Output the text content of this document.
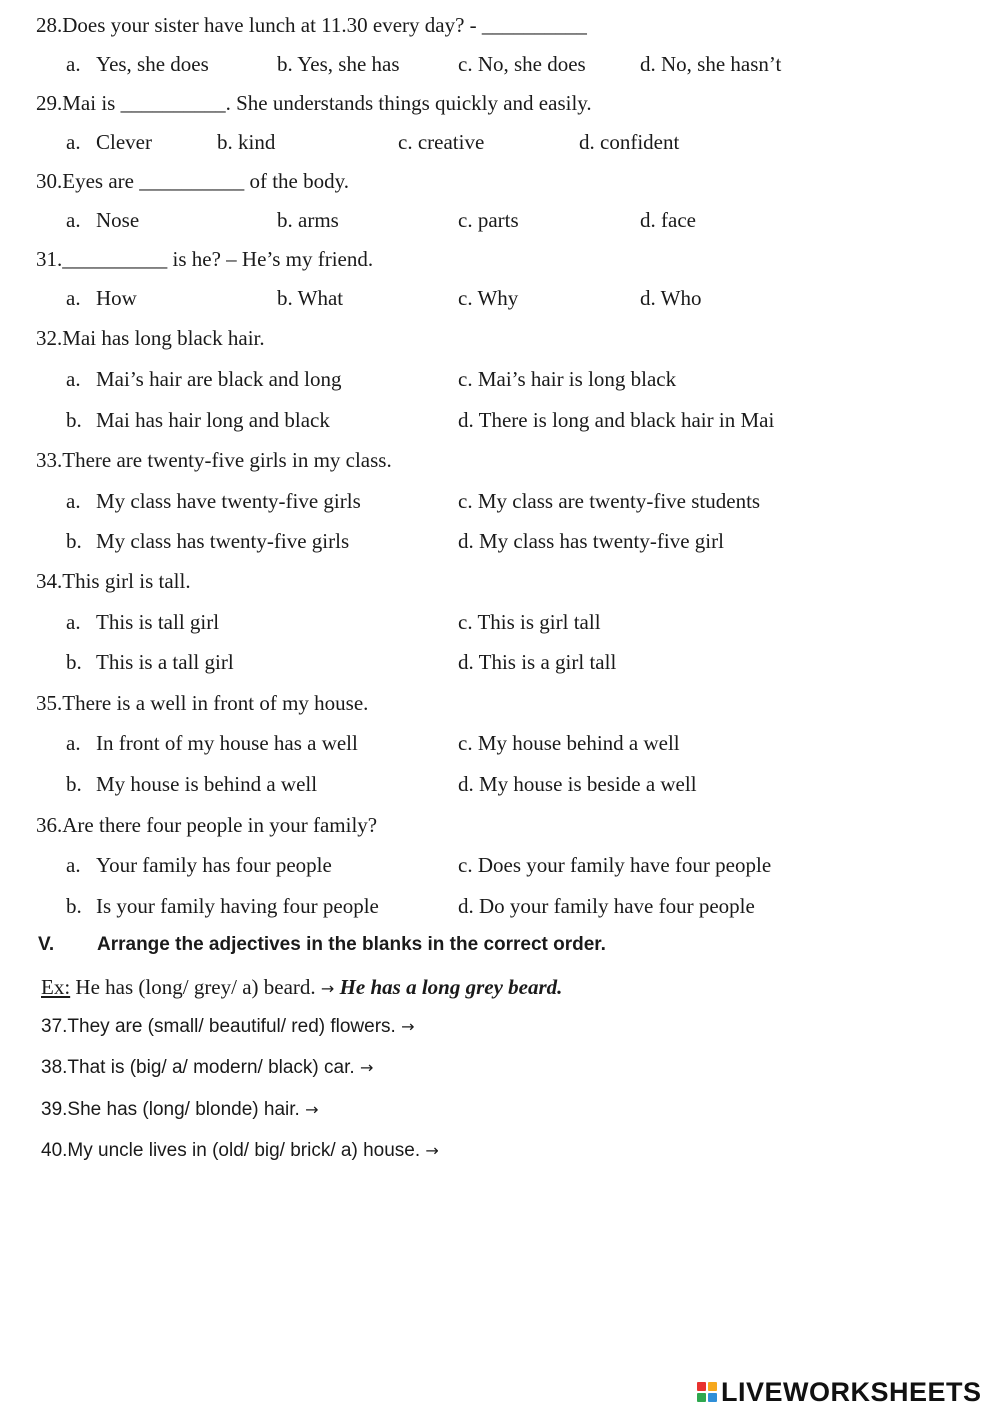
28.Does your sister have lunch at 11.30 every day? - __________
a. Yes, she does	b. Yes, she has	c. No, she does	d. No, she hasn’t
29.Mai is __________. She understands things quickly and easily.
a. Clever	b. kind	c. creative	d. confident
30.Eyes are __________ of the body.
a. Nose	b. arms	c. parts	d. face
31.__________ is he? – He’s my friend.
a. How	b. What	c. Why	d. Who
32.Mai has long black hair.
a. Mai’s hair are black and long	c. Mai’s hair is long black
b. Mai has hair long and black	d. There is long and black hair in Mai
33.There are twenty-five girls in my class.
a. My class have twenty-five girls	c. My class are twenty-five students
b. My class has twenty-five girls	d. My class has twenty-five girl
34.This girl is tall.
a. This is tall girl	c. This is girl tall
b. This is a tall girl	d. This is a girl tall
35.There is a well in front of my house.
a. In front of my house has a well	c. My house behind a well
b. My house is behind a well	d. My house is beside a well
36.Are there four people in your family?
a. Your family has four people	c. Does your family have four people
b. Is your family having four people	d. Do your family have four people
V. Arrange the adjectives in the blanks in the correct order.
Ex: He has (long/ grey/ a) beard. → He has a long grey beard.
37.They are (small/ beautiful/ red) flowers. →
38.That is (big/ a/ modern/ black) car. →
39.She has (long/ blonde) hair. →
40.My uncle lives in (old/ big/ brick/ a) house. →
LIVEWORKSHEETS
